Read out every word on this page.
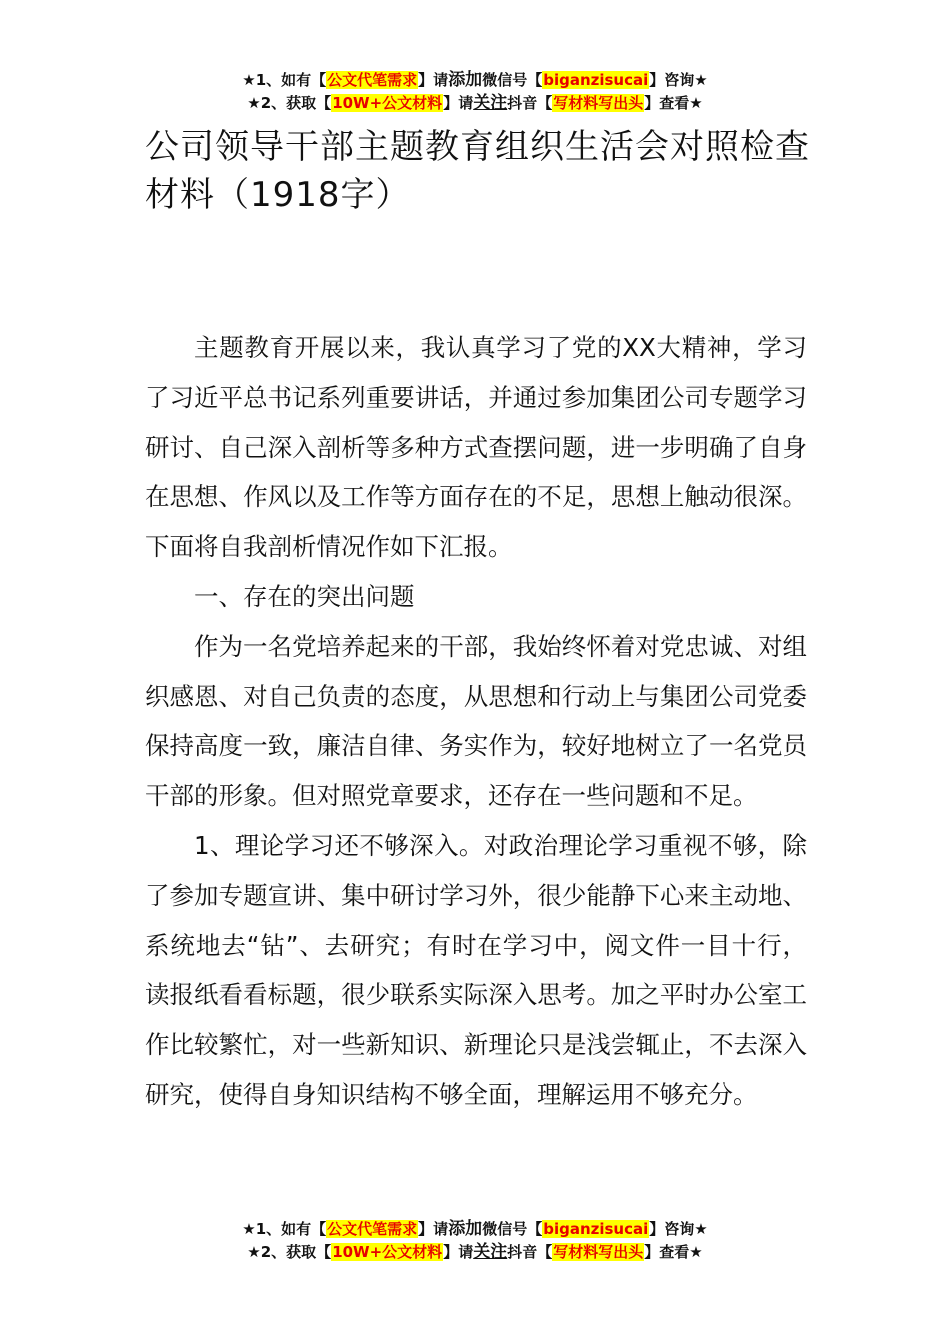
★1、如有【公文代笔需求】请添加微信号【biganzisucai】咨询★
★2、获取【10W+公文材料】请关注抖音【写材料写出头】查看★
公司领导干部主题教育组织生活会对照检查材料（1918字）

主题教育开展以来，我认真学习了党的XX大精神，学习了习近平总书记系列重要讲话，并通过参加集团公司专题学习研讨、自己深入剖析等多种方式查摆问题，进一步明确了自身在思想、作风以及工作等方面存在的不足，思想上触动很深。下面将自我剖析情况作如下汇报。

一、存在的突出问题

作为一名党培养起来的干部，我始终怀着对党忠诚、对组织感恩、对自己负责的态度，从思想和行动上与集团公司党委保持高度一致，廉洁自律、务实作为，较好地树立了一名党员干部的形象。但对照党章要求，还存在一些问题和不足。

1、理论学习还不够深入。对政治理论学习重视不够，除了参加专题宣讲、集中研讨学习外，很少能静下心来主动地、系统地去“钻”、去研究；有时在学习中，阅文件一目十行，读报纸看看标题，很少联系实际深入思考。加之平时办公室工作比较繁忙，对一些新知识、新理论只是浅尝辄止，不去深入研究，使得自身知识结构不够全面，理解运用不够充分。

★1、如有【公文代笔需求】请添加微信号【biganzisucai】咨询★
★2、获取【10W+公文材料】请关注抖音【写材料写出头】查看★
